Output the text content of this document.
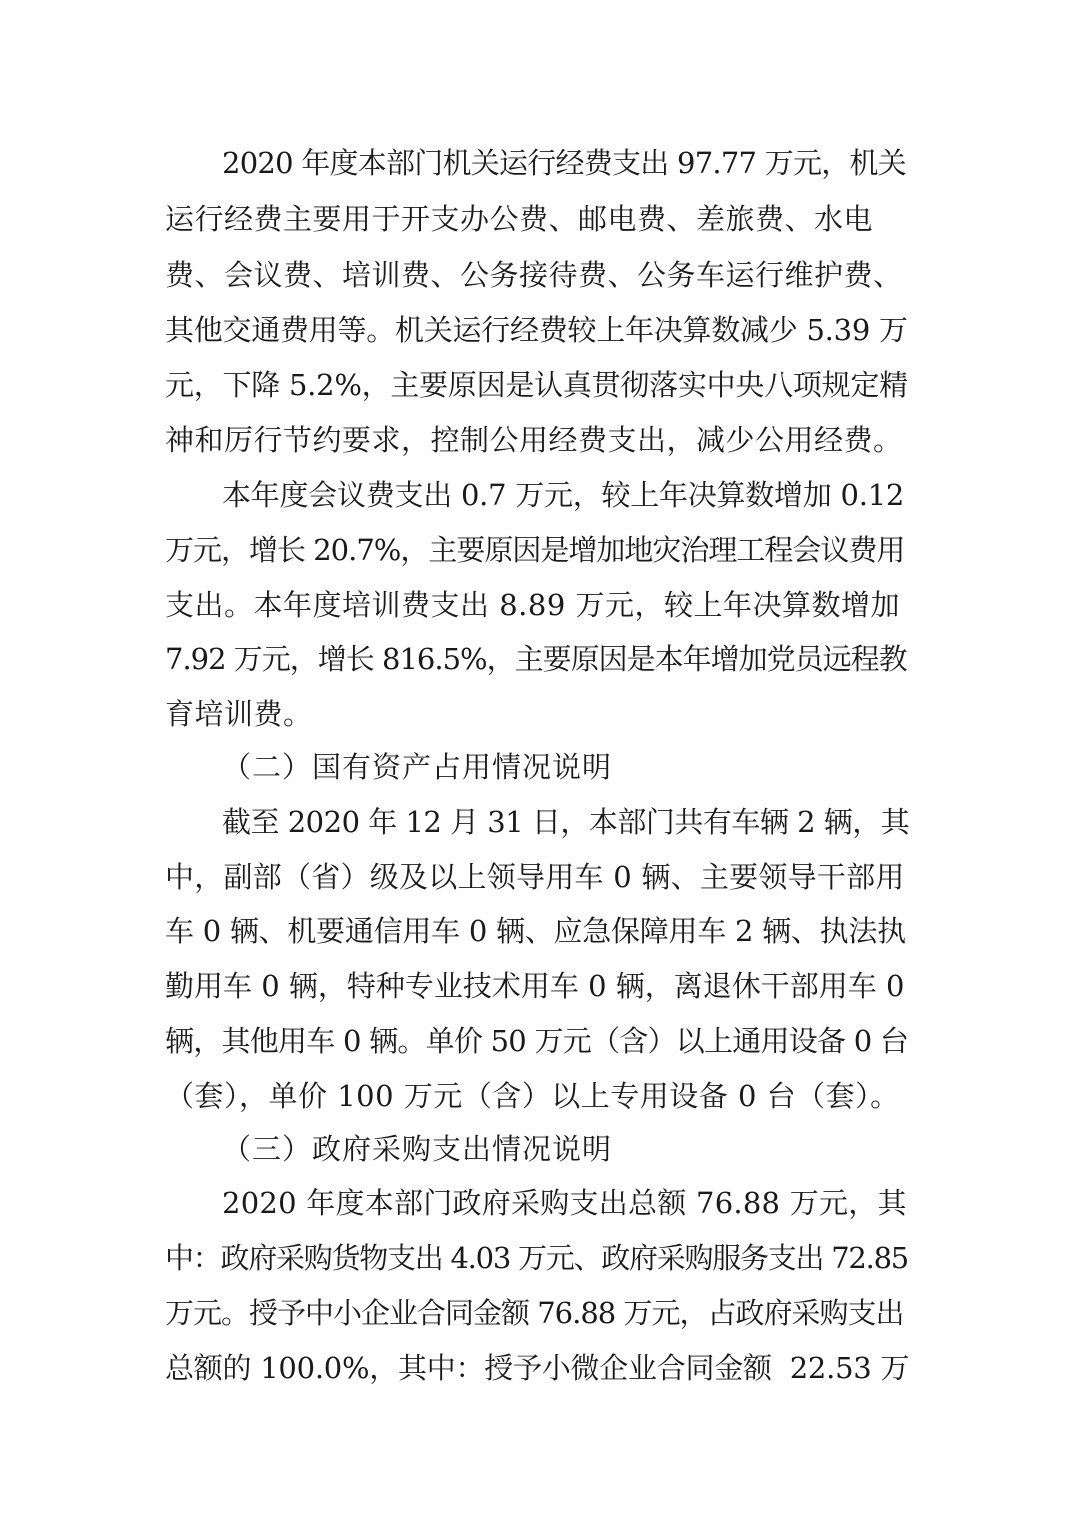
2020 年度本部门机关运行经费支出 97.77 万元，机关
运行经费主要用于开支办公费、邮电费、差旅费、水电
费、会议费、培训费、公务接待费、公务车运行维护费、
其他交通费用等。机关运行经费较上年决算数减少 5.39 万
元，下降 5.2%，主要原因是认真贯彻落实中央八项规定精
神和厉行节约要求，控制公用经费支出，减少公用经费。
本年度会议费支出 0.7 万元，较上年决算数增加 0.12
万元，增长 20.7%，主要原因是增加地灾治理工程会议费用
支出。本年度培训费支出 8.89 万元，较上年决算数增加
7.92 万元，增长 816.5%，主要原因是本年增加党员远程教
育培训费。
（二）国有资产占用情况说明
截至 2020 年 12 月 31 日，本部门共有车辆 2 辆，其
中，副部（省）级及以上领导用车 0 辆、主要领导干部用
车 0 辆、机要通信用车 0 辆、应急保障用车 2 辆、执法执
勤用车 0 辆，特种专业技术用车 0 辆，离退休干部用车 0
辆，其他用车 0 辆。单价 50 万元（含）以上通用设备 0 台
（套），单价 100 万元（含）以上专用设备 0 台（套）。
（三）政府采购支出情况说明
2020 年度本部门政府采购支出总额 76.88 万元，其
中：政府采购货物支出 4.03 万元、政府采购服务支出 72.85
万元。授予中小企业合同金额 76.88 万元，占政府采购支出
总额的 100.0%，其中：授予小微企业合同金额  22.53 万
